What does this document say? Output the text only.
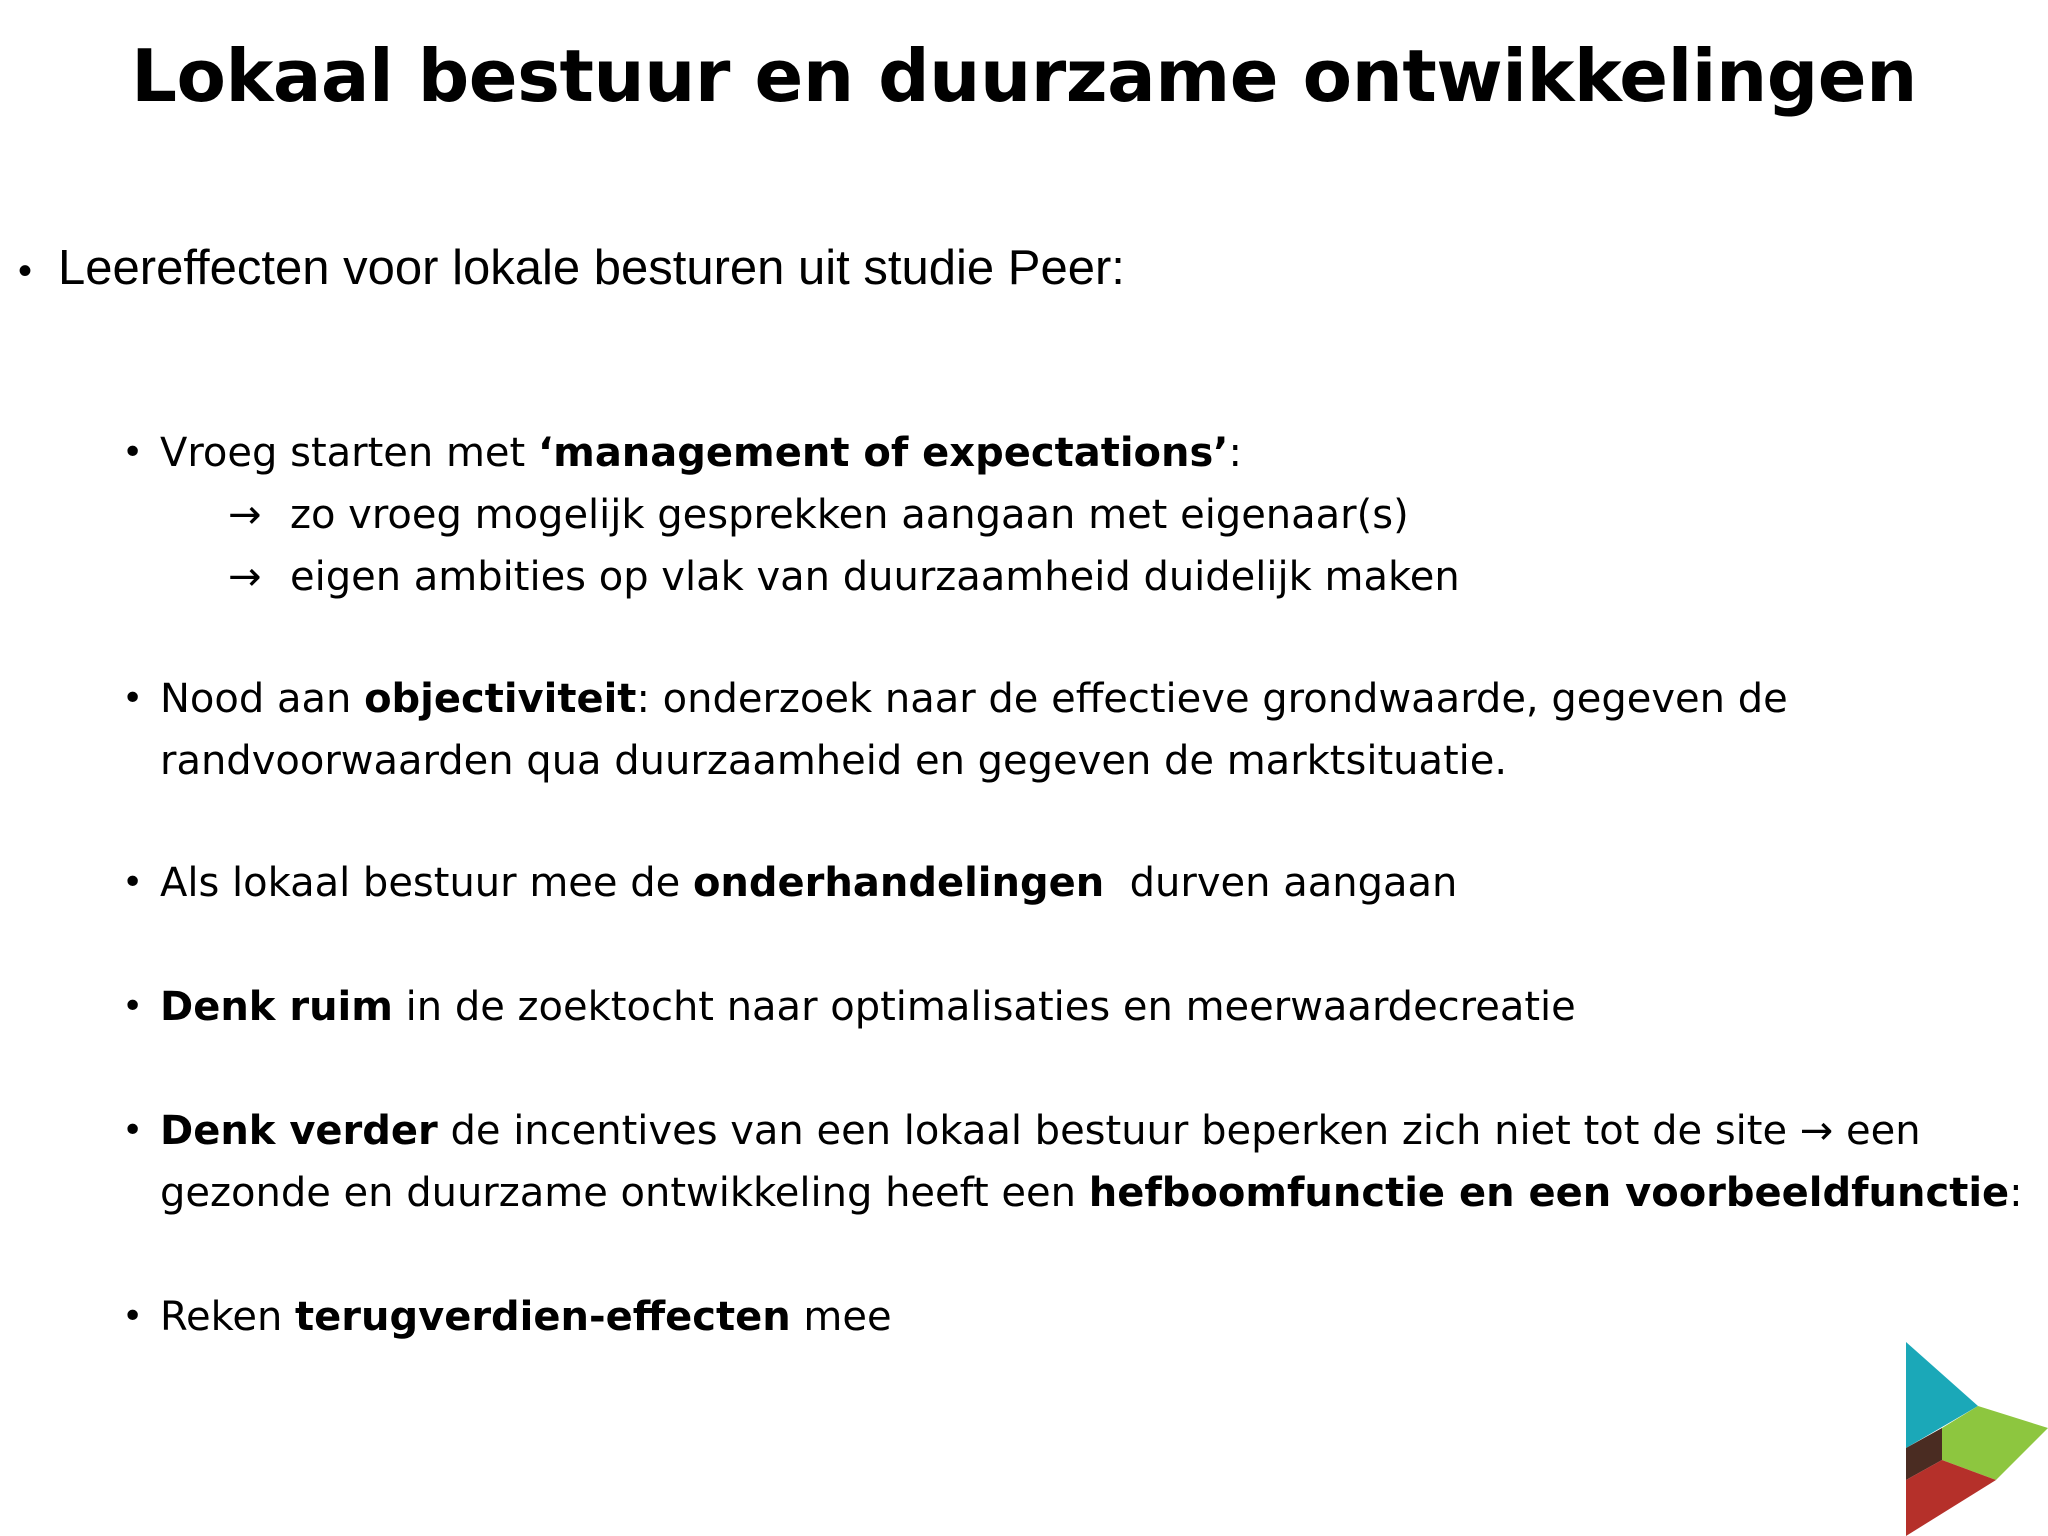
Lokaal bestuur en duurzame ontwikkelingen
• Leereffecten voor lokale besturen uit studie Peer:
• Vroeg starten met ‘management of expectations’:
→ zo vroeg mogelijk gesprekken aangaan met eigenaar(s)
→ eigen ambities op vlak van duurzaamheid duidelijk maken
• Nood aan objectiviteit: onderzoek naar de effectieve grondwaarde, gegeven de
randvoorwaarden qua duurzaamheid en gegeven de marktsituatie.
• Als lokaal bestuur mee de onderhandelingen  durven aangaan
• Denk ruim in de zoektocht naar optimalisaties en meerwaardecreatie
• Denk verder de incentives van een lokaal bestuur beperken zich niet tot de site → een
gezonde en duurzame ontwikkeling heeft een hefboomfunctie en een voorbeeldfunctie:
• Reken terugverdien-effecten mee
